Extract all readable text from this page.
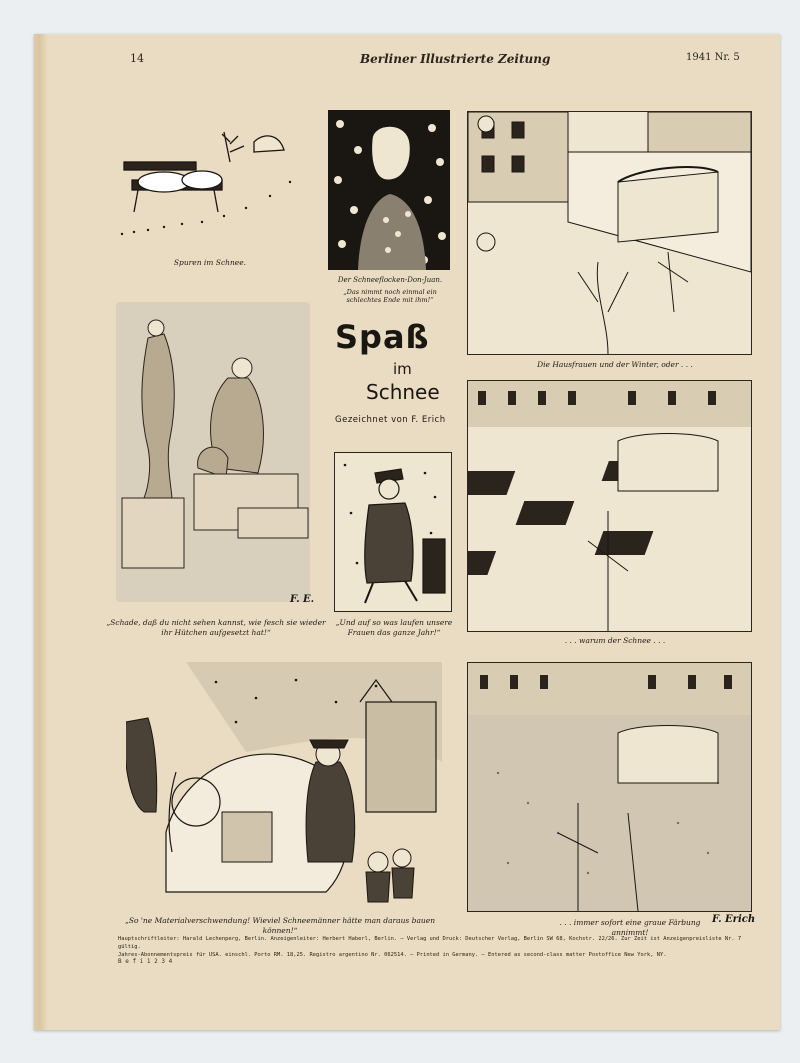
14	Berliner Illustrierte Zeitung	1941 Nr. 5
Spuren im Schnee.
Der Schneeflocken-Don-Juan.
„Das nimmt noch einmal ein schlechtes Ende mit ihm!“
Die Hausfrauen und der Winter, oder . . .
Spaß
im
Schnee
Gezeichnet von F. Erich
F. E.
„Schade, daß du nicht sehen kannst, wie fesch sie wieder ihr Hütchen aufgesetzt hat!“
„Und auf so was laufen unsere Frauen das ganze Jahr!“
. . . warum der Schnee . . .
„So 'ne Materialverschwendung! Wieviel Schneemänner hätte man daraus bauen können!“
. . . immer sofort eine graue Färbung annimmt!
F. Erich
Hauptschriftleiter: Harald Lechenperg, Berlin. Anzeigenleiter: Herbert Haberl, Berlin. — Verlag und Druck: Deutscher Verlag, Berlin SW 68, Kochstr. 22/26. Zur Zeit ist Anzeigenpreisliste Nr. 7 gültig.
Jahres-Abonnementspreis für USA. einschl. Porto RM. 18,25. Registro argentino Nr. 062514. — Printed in Germany. — Entered as second-class matter Postoffice New York, NY.
B e f i 1 2 3 4
